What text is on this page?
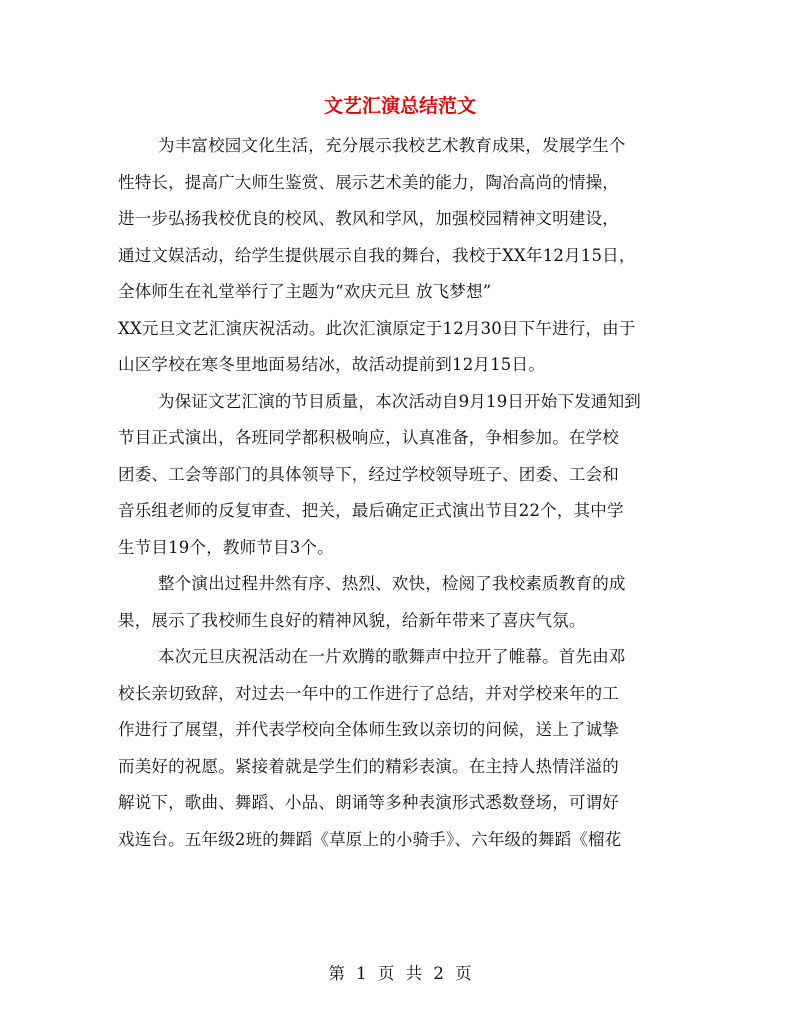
文艺汇演总结范文

为丰富校园文化生活，充分展示我校艺术教育成果，发展学生个

性特长，提高广大师生鉴赏、展示艺术美的能力，陶冶高尚的情操，

进一步弘扬我校优良的校风、教风和学风，加强校园精神文明建设，

通过文娱活动，给学生提供展示自我的舞台，我校于XX年12月15日，

全体师生在礼堂举行了主题为“欢庆元旦 放飞梦想”

XX元旦文艺汇演庆祝活动。此次汇演原定于12月30日下午进行，由于

山区学校在寒冬里地面易结冰，故活动提前到12月15日。

为保证文艺汇演的节目质量，本次活动自9月19日开始下发通知到

节目正式演出，各班同学都积极响应，认真准备，争相参加。在学校

团委、工会等部门的具体领导下，经过学校领导班子、团委、工会和

音乐组老师的反复审查、把关，最后确定正式演出节目22个，其中学

生节目19个，教师节目3个。

整个演出过程井然有序、热烈、欢快，检阅了我校素质教育的成

果，展示了我校师生良好的精神风貌，给新年带来了喜庆气氛。

本次元旦庆祝活动在一片欢腾的歌舞声中拉开了帷幕。首先由邓

校长亲切致辞，对过去一年中的工作进行了总结，并对学校来年的工

作进行了展望，并代表学校向全体师生致以亲切的问候，送上了诚挚

而美好的祝愿。紧接着就是学生们的精彩表演。在主持人热情洋溢的

解说下，歌曲、舞蹈、小品、朗诵等多种表演形式悉数登场，可谓好

戏连台。五年级2班的舞蹈《草原上的小骑手》、六年级的舞蹈《榴花

第 1 页 共 2 页
